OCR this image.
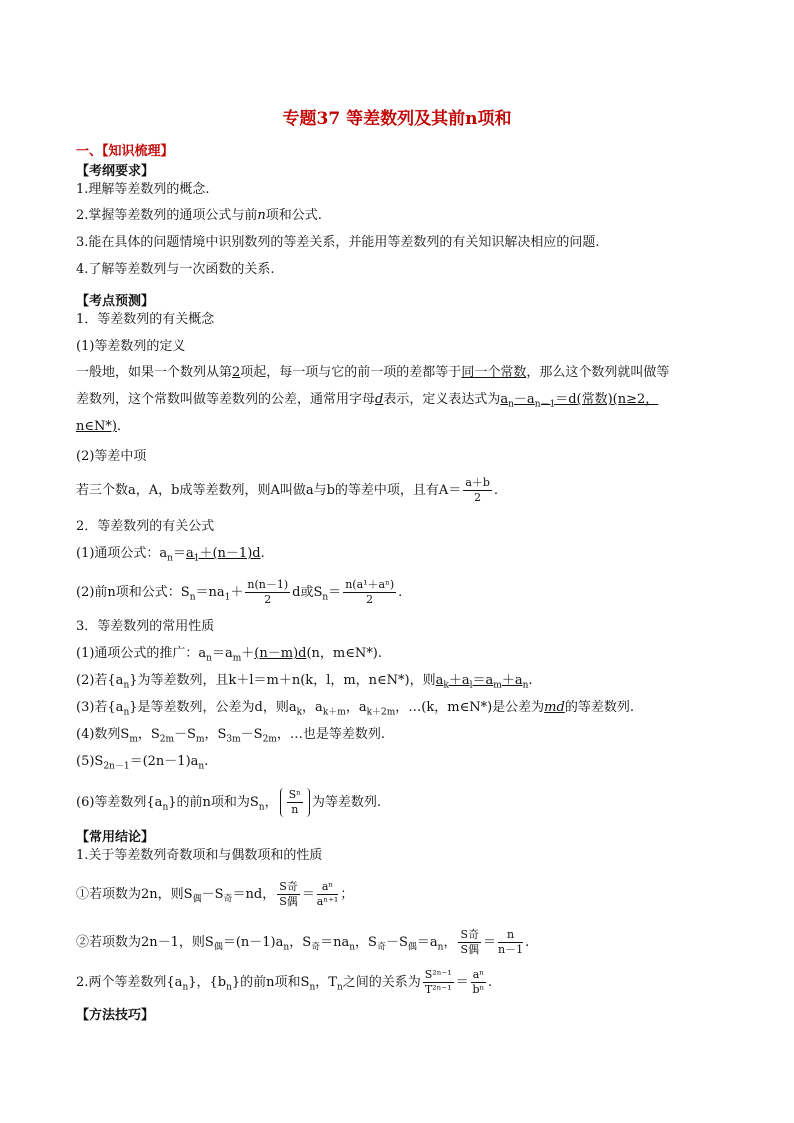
专题37 等差数列及其前n项和
一、【知识梳理】
【考纲要求】
1.理解等差数列的概念.
2.掌握等差数列的通项公式与前n项和公式.
3.能在具体的问题情境中识别数列的等差关系，并能用等差数列的有关知识解决相应的问题.
4.了解等差数列与一次函数的关系.
【考点预测】
1．等差数列的有关概念
(1)等差数列的定义
一般地，如果一个数列从第2项起，每一项与它的前一项的差都等于同一个常数，那么这个数列就叫做等
差数列，这个常数叫做等差数列的公差，通常用字母d表示，定义表达式为$a_n-a_{n-1}=d$(常数)(n≥2，
n∈N*)．
(2)等差中项
若三个数a，A，b成等差数列，则A叫做a与b的等差中项，且有$A= \frac{a+b}{2}$ .
2．等差数列的有关公式
(1)通项公式：$a_n=a_1+(n-1)d$.
(2)前n项和公式：$S_n=na_1+ \frac{n(n-1)}{2}$ d或$S_n= \frac{\text{n(a¹＋aⁿ)}}{2}$ .
3．等差数列的常用性质
(1)通项公式的推广：$a_n=a_m+(n-m)d(n$，m∈N*).
(2)若$\{a_n\}$为等差数列，且k＋l＝m＋n(k，l，m，n∈N*)，则$a_k+a_l=a_m+a_n$.
(3)若$\{a_n\}$是等差数列，公差为d，则$a_k$，$a_{k+m}$，$a_{k+2m}$，…(k，m∈N*)是公差为md的等差数列.
(4)数列$S_m$，$S_{2m}-S_m$，$S_{3m}-S_{2m}$，…也是等差数列.
$(5)S_{2n-1}=(2n-1)a_n$.
(6)等差数列$\{a_n\}$的前n项和为$S_n$， $\frac{\text{Sⁿ}}{n}$ 为等差数列.
【常用结论】
1.关于等差数列奇数项和与偶数项和的性质
①若项数为2n，则$S_偶-S_奇=nd$， $\frac{\text{S奇}}{\text{S偶}} = \frac{\text{aⁿ}}{\text{aⁿ⁺¹}}$ ；
②若项数为2n－1，则$S_偶=(n-1)a_n$，$S_奇=na_n$，$S_奇-S_偶=a_n$， $\frac{\text{S奇}}{\text{S偶}} = \frac{n}{n-1}$ .
2.两个等差数列$\{a_n\}$，$\{b_n\}$的前n项和$S_n$，$T_n$之间的关系为 $\frac{\text{S²ⁿ⁻¹}}{\text{T²ⁿ⁻¹}} = \frac{\text{aⁿ}}{\text{bⁿ}}$ .
【方法技巧】
